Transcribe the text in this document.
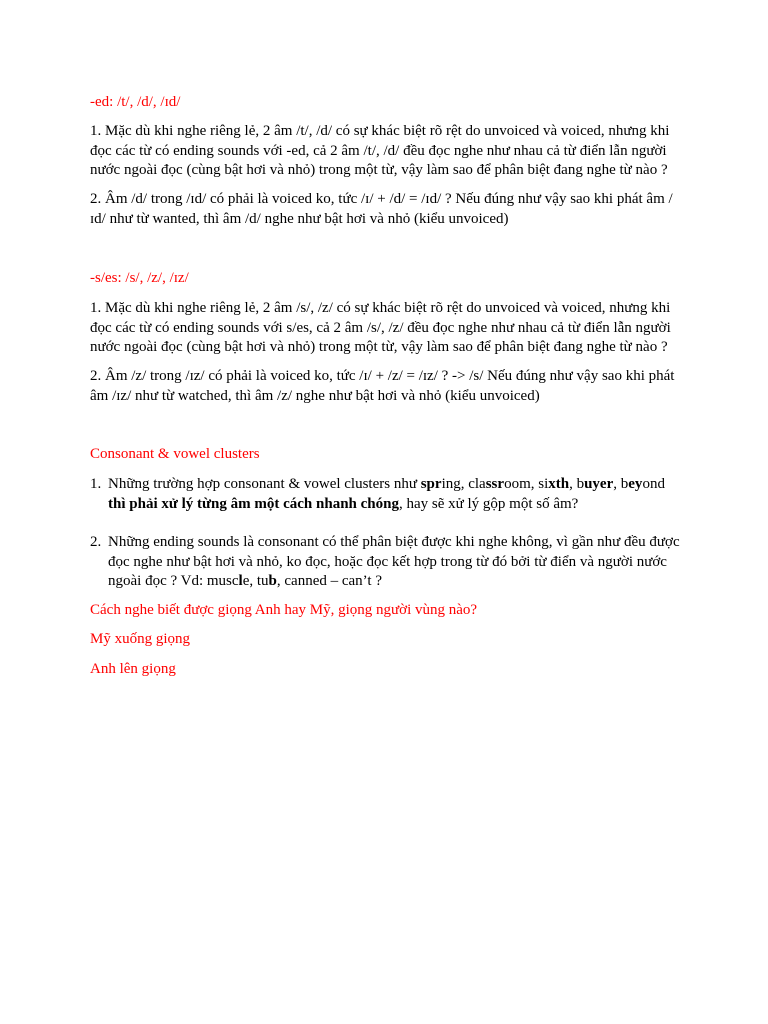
-ed: /t/, /d/, /ɪd/

1. Mặc dù khi nghe riêng lẻ, 2 âm /t/, /d/ có sự khác biệt rõ rệt do unvoiced và voiced, nhưng khi đọc các từ có ending sounds với -ed, cả 2 âm /t/, /d/ đều đọc nghe như nhau cả từ điển lẫn người nước ngoài đọc (cùng bật hơi và nhỏ) trong một từ, vậy làm sao để phân biệt đang nghe từ nào ?

2. Âm /d/ trong /ɪd/ có phải là voiced ko, tức /ɪ/ + /d/ = /ɪd/ ? Nếu đúng như vậy sao khi phát âm /ɪd/ như từ wanted, thì âm /d/ nghe như bật hơi và nhỏ (kiểu unvoiced)

-s/es: /s/, /z/, /ɪz/

1. Mặc dù khi nghe riêng lẻ, 2 âm /s/, /z/ có sự khác biệt rõ rệt do unvoiced và voiced, nhưng khi đọc các từ có ending sounds với s/es, cả 2 âm /s/, /z/ đều đọc nghe như nhau cả từ điển lẫn người nước ngoài đọc (cùng bật hơi và nhỏ) trong một từ, vậy làm sao để phân biệt đang nghe từ nào ?

2. Âm /z/ trong /ɪz/ có phải là voiced ko, tức /ɪ/ + /z/ = /ɪz/ ? -> /s/ Nếu đúng như vậy sao khi phát âm /ɪz/ như từ watched, thì âm /z/ nghe như bật hơi và nhỏ (kiểu unvoiced)

Consonant & vowel clusters

1. Những trường hợp consonant & vowel clusters như spring, classroom, sixth, buyer, beyond
thì phải xử lý từng âm một cách nhanh chóng, hay sẽ xử lý gộp một số âm?
2. Những ending sounds là consonant có thể phân biệt được khi nghe không, vì gần như đều được đọc nghe như bật hơi và nhỏ, ko đọc, hoặc đọc kết hợp trong từ đó bởi từ điển và người nước ngoài đọc ? Vd: muscle, tub, canned – can’t ?

Cách nghe biết được giọng Anh hay Mỹ, giọng người vùng nào?

Mỹ xuống giọng

Anh lên giọng
